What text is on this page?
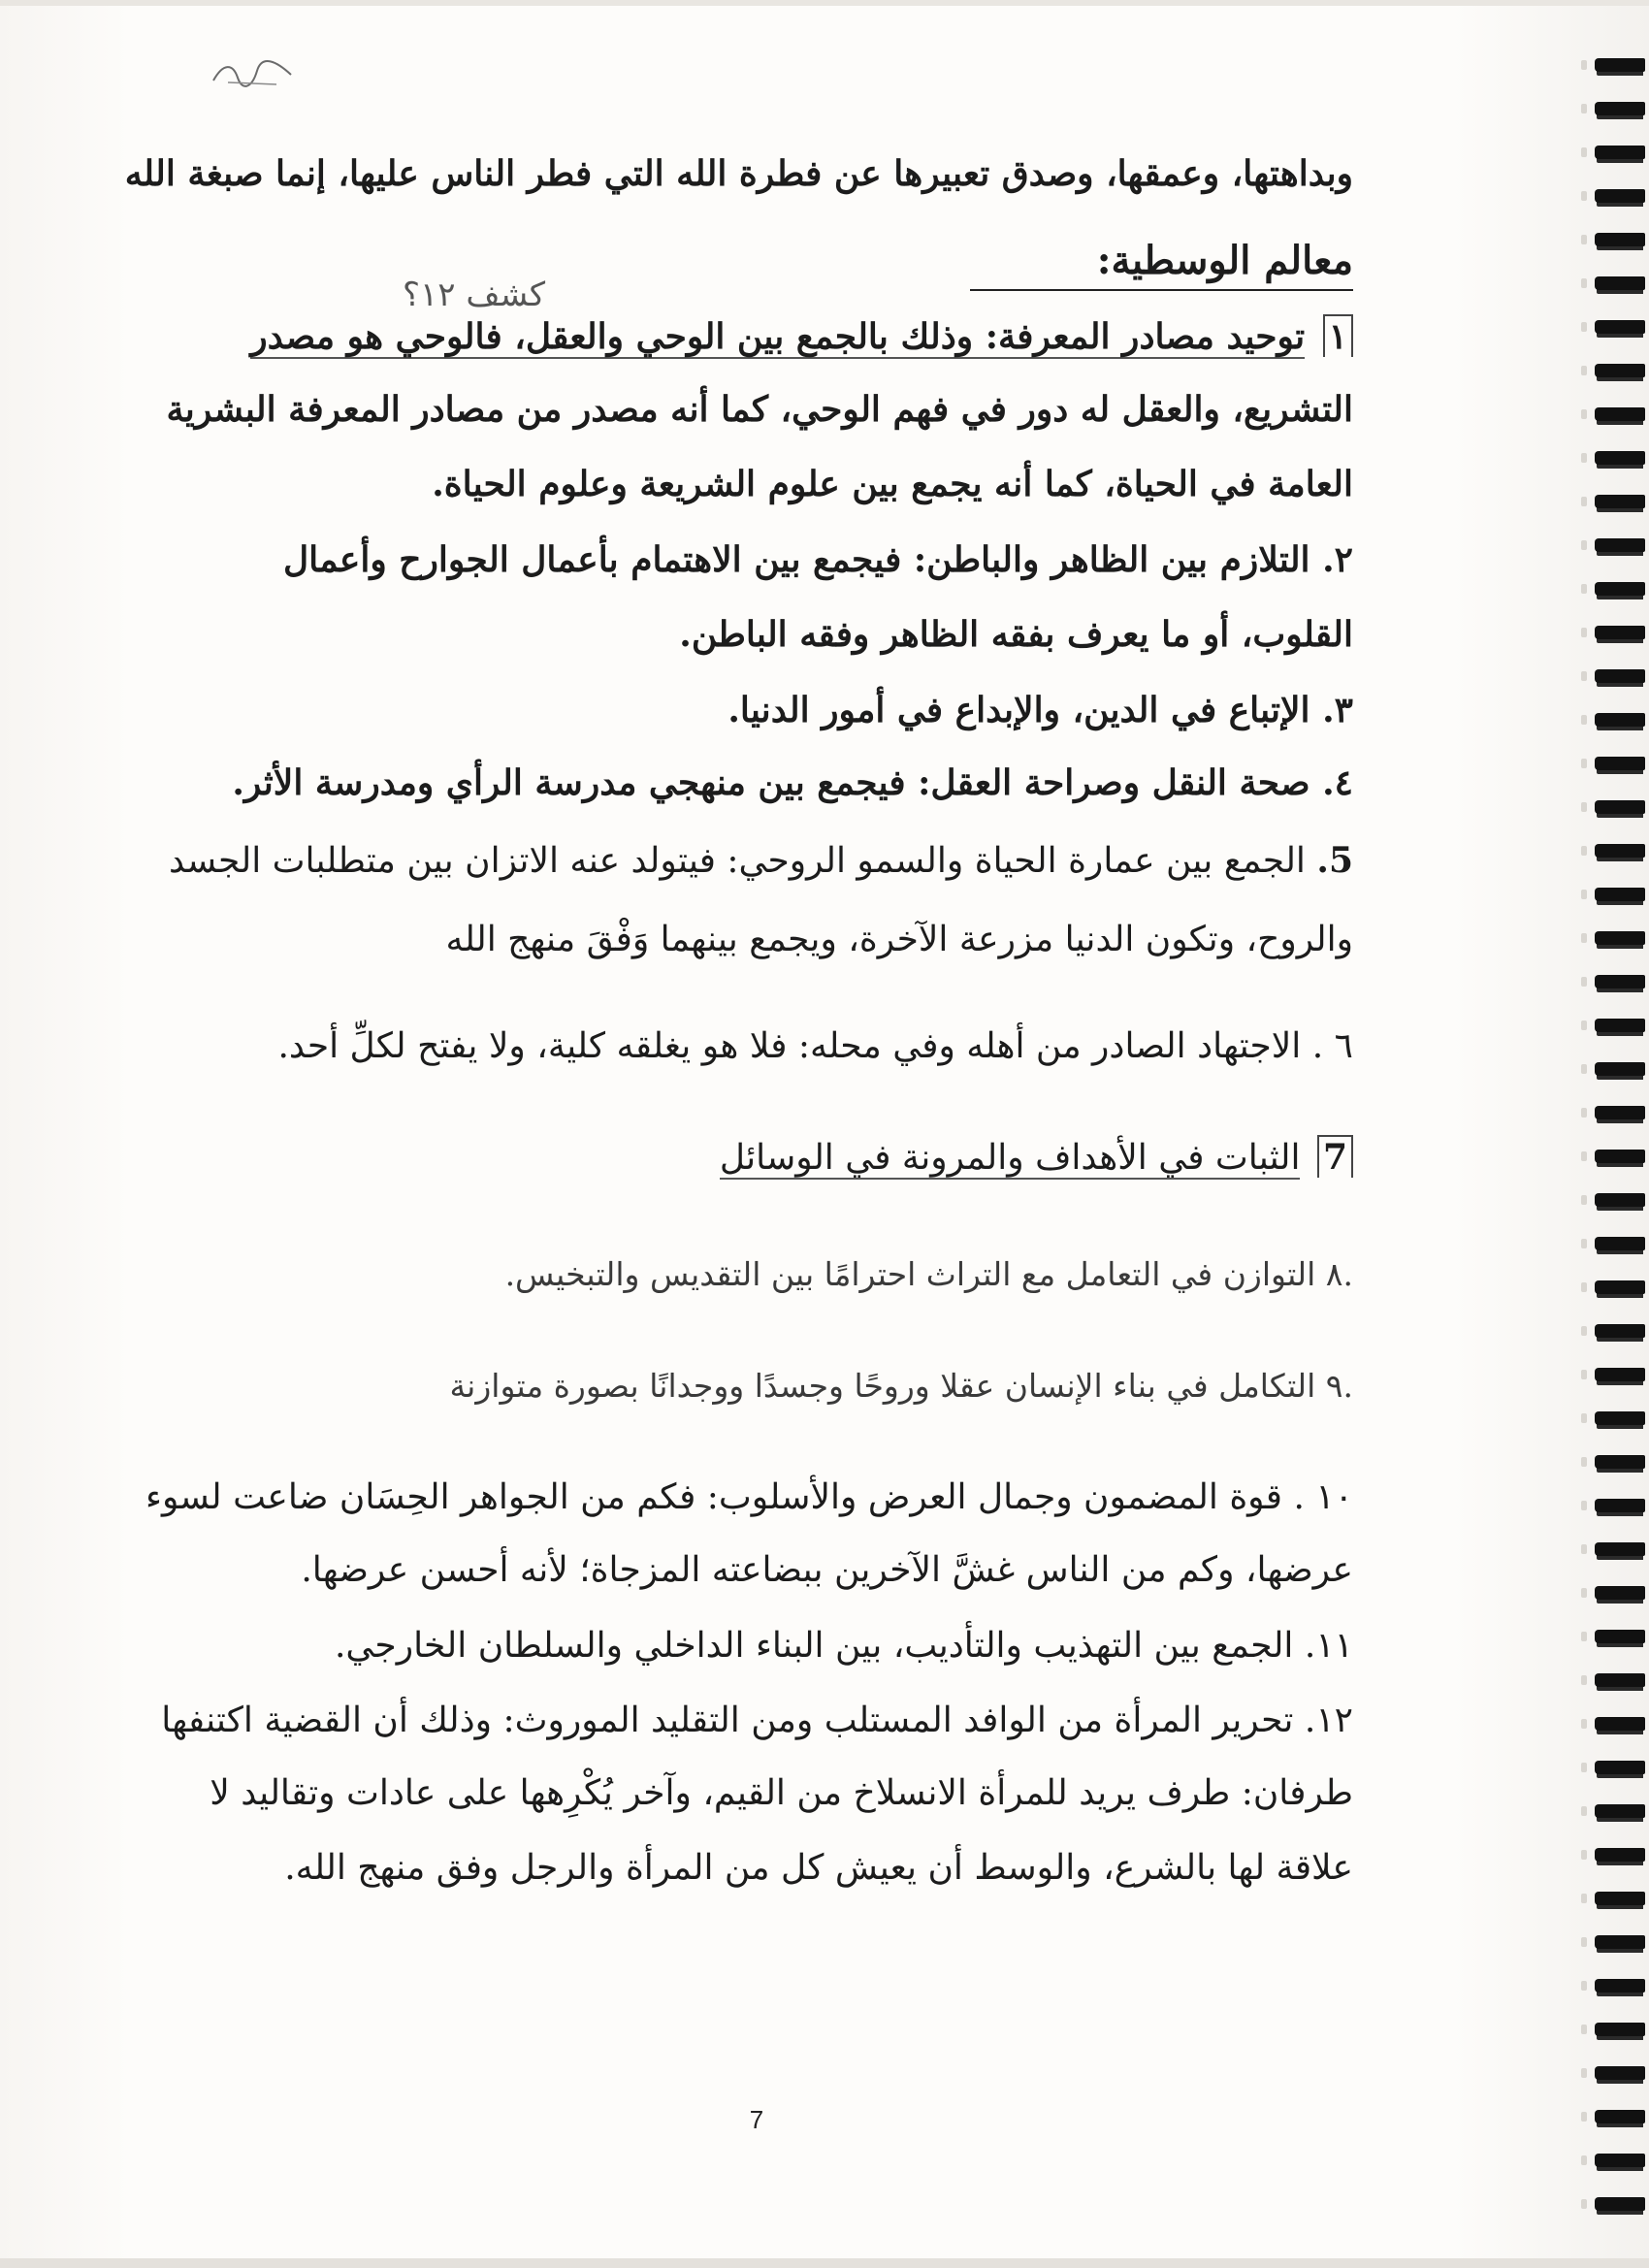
وبداهتها، وعمقها، وصدق تعبيرها عن فطرة الله التي فطر الناس عليها، إنما صبغة الله
معالم الوسطية:
كشف ١٢؟
١ توحيد مصادر المعرفة: وذلك بالجمع بين الوحي والعقل، فالوحي هو مصدر
التشريع، والعقل له دور في فهم الوحي، كما أنه مصدر من مصادر المعرفة البشرية
العامة في الحياة، كما أنه يجمع بين علوم الشريعة وعلوم الحياة.
٢. التلازم بين الظاهر والباطن: فيجمع بين الاهتمام بأعمال الجوارح وأعمال
القلوب، أو ما يعرف بفقه الظاهر وفقه الباطن.
٣. الإتباع في الدين، والإبداع في أمور الدنيا.
٤. صحة النقل وصراحة العقل: فيجمع بين منهجي مدرسة الرأي ومدرسة الأثر.
5. الجمع بين عمارة الحياة والسمو الروحي: فيتولد عنه الاتزان بين متطلبات الجسد
والروح، وتكون الدنيا مزرعة الآخرة، ويجمع بينهما وَفْقَ منهج الله
٦ . الاجتهاد الصادر من أهله وفي محله: فلا هو يغلقه كلية، ولا يفتح لكلِّ أحد.
7 الثبات في الأهداف والمرونة في الوسائل
.٨ التوازن في التعامل مع التراث احترامًا بين التقديس والتبخيس.
.٩ التكامل في بناء الإنسان عقلا وروحًا وجسدًا ووجدانًا بصورة متوازنة
١٠ . قوة المضمون وجمال العرض والأسلوب: فكم من الجواهر الحِسَان ضاعت لسوء
عرضها، وكم من الناس غشَّ الآخرين ببضاعته المزجاة؛ لأنه أحسن عرضها.
١١. الجمع بين التهذيب والتأديب، بين البناء الداخلي والسلطان الخارجي.
١٢. تحرير المرأة من الوافد المستلب ومن التقليد الموروث: وذلك أن القضية اكتنفها
طرفان: طرف يريد للمرأة الانسلاخ من القيم، وآخر يُكْرِهها على عادات وتقاليد لا
علاقة لها بالشرع، والوسط أن يعيش كل من المرأة والرجل وفق منهج الله.
7
